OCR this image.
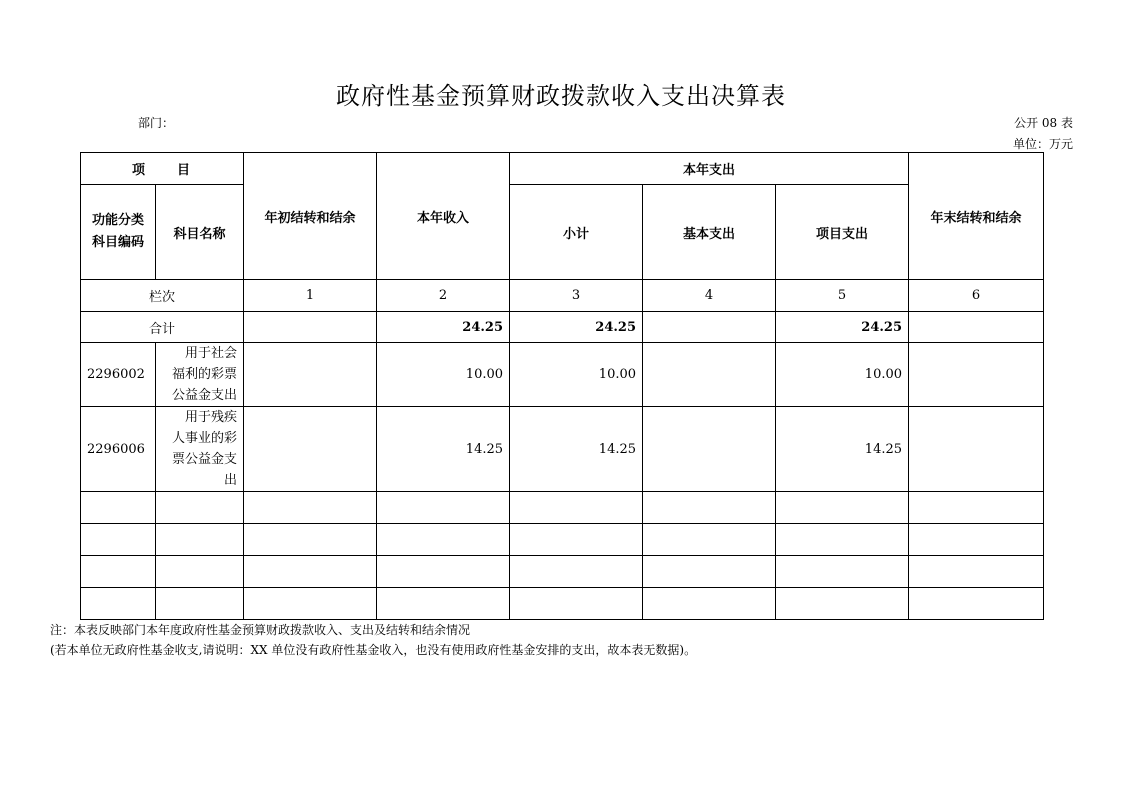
政府性基金预算财政拨款收入支出决算表
部门：	公开 08 表
单位：万元
项　　目		年初结转和结余	本年收入	本年支出			年末结转和结余
功能分类
科目编码	科目名称			小计	基本支出	项目支出	
栏次		1	2	3	4	5	6
合计			24.25	24.25		24.25	
2296002	用于社会
福利的彩票
公益金支出		10.00	10.00		10.00	
2296006	用于残疾
人事业的彩
票公益金支
出		14.25	14.25		14.25	

注：本表反映部门本年度政府性基金预算财政拨款收入、支出及结转和结余情况
(若本单位无政府性基金收支,请说明：XX 单位没有政府性基金收入，也没有使用政府性基金安排的支出，故本表无数据)。
